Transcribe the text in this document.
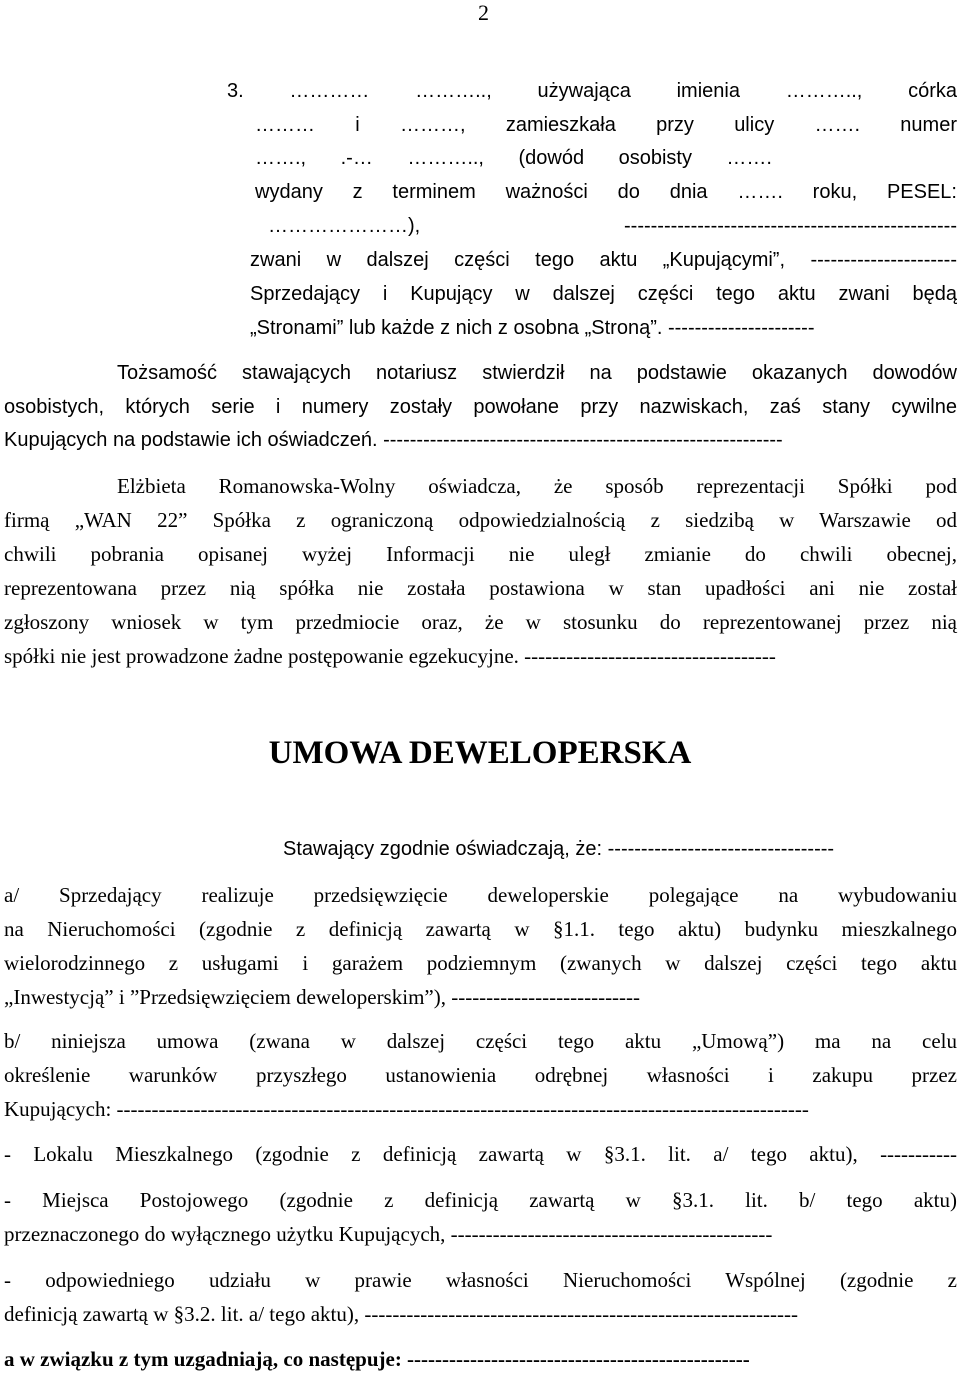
2
3. ………… ……….., używająca imienia ……….., córka
……… i ………, zamieszkała przy ulicy ……. numer
……., .-… ……….., (dowód osobisty …….
wydany z terminem ważności do dnia ……. roku, PESEL:
…………………), --------------------------------------------------
zwani w dalszej części tego aktu „Kupującymi”, ----------------------
Sprzedający i Kupujący w dalszej części tego aktu zwani będą
„Stronami” lub każde z nich z osobna „Stroną”. ----------------------
Tożsamość stawających notariusz stwierdził na podstawie okazanych dowodów
osobistych, których serie i numery zostały powołane przy nazwiskach, zaś stany cywilne
Kupujących na podstawie ich oświadczeń. ------------------------------------------------------------
Elżbieta Romanowska-Wolny oświadcza, że sposób reprezentacji Spółki pod
firmą „WAN 22” Spółka z ograniczoną odpowiedzialnością z siedzibą w Warszawie od
chwili pobrania opisanej wyżej Informacji nie uległ zmianie do chwili obecnej,
reprezentowana przez nią spółka nie została postawiona w stan upadłości ani nie został
zgłoszony wniosek w tym przedmiocie oraz, że w stosunku do reprezentowanej przez nią
spółki nie jest prowadzone żadne postępowanie egzekucyjne. ------------------------------------
UMOWA DEWELOPERSKA
Stawający zgodnie oświadczają, że: ----------------------------------
a/ Sprzedający realizuje przedsięwzięcie deweloperskie polegające na wybudowaniu
na Nieruchomości (zgodnie z definicją zawartą w §1.1. tego aktu) budynku mieszkalnego
wielorodzinnego z usługami i garażem podziemnym (zwanych w dalszej części tego aktu
„Inwestycją” i ”Przedsięwzięciem deweloperskim”), ---------------------------
b/ niniejsza umowa (zwana w dalszej części tego aktu „Umową”) ma na celu
określenie warunków przyszłego ustanowienia odrębnej własności i zakupu przez
Kupujących: ---------------------------------------------------------------------------------------------------
- Lokalu Mieszkalnego (zgodnie z definicją zawartą w §3.1. lit. a/ tego aktu), -----------
- Miejsca Postojowego (zgodnie z definicją zawartą w §3.1. lit. b/ tego aktu)
przeznaczonego do wyłącznego użytku Kupujących, ----------------------------------------------
- odpowiedniego udziału w prawie własności Nieruchomości Wspólnej (zgodnie z
definicją zawartą w §3.2. lit. a/ tego aktu), --------------------------------------------------------------
a w związku z tym uzgadniają, co następuje: -------------------------------------------------
